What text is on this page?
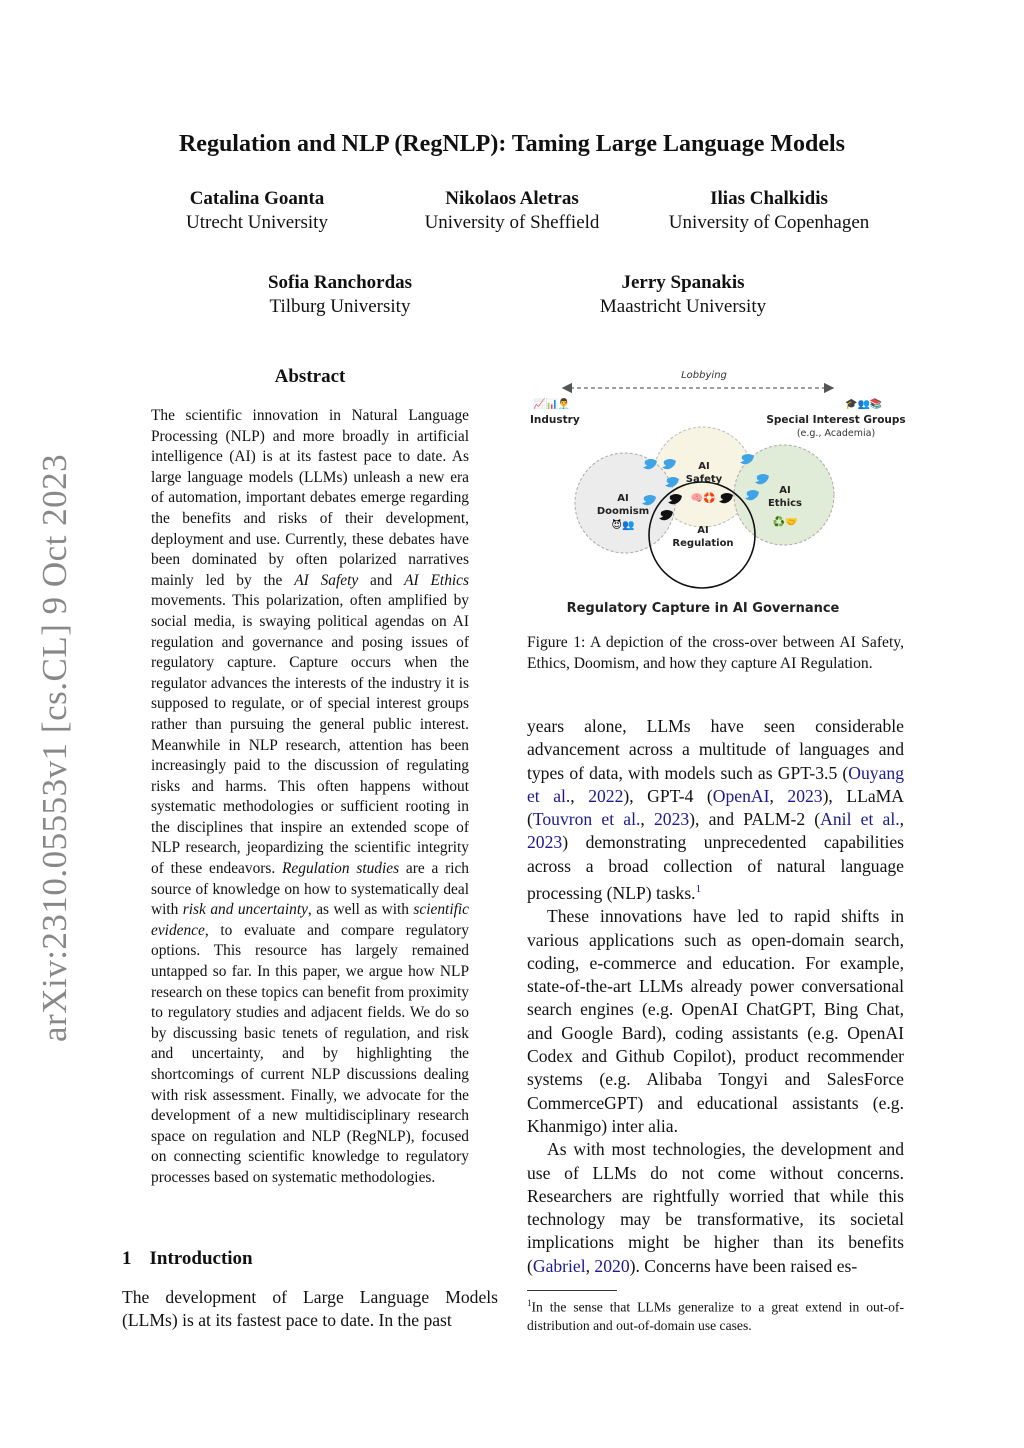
arXiv:2310.05553v1 [cs.CL] 9 Oct 2023
Regulation and NLP (RegNLP): Taming Large Language Models
Catalina Goanta
Utrecht University
Nikolaos Aletras
University of Sheffield
Ilias Chalkidis
University of Copenhagen
Sofia Ranchordas
Tilburg University
Jerry Spanakis
Maastricht University
Abstract
The scientific innovation in Natural Language Processing (NLP) and more broadly in artificial intelligence (AI) is at its fastest pace to date. As large language models (LLMs) unleash a new era of automation, important debates emerge regarding the benefits and risks of their development, deployment and use. Currently, these debates have been dominated by often polarized narratives mainly led by the AI Safety and AI Ethics movements. This polarization, often amplified by social media, is swaying political agendas on AI regulation and governance and posing issues of regulatory capture. Capture occurs when the regulator advances the interests of the industry it is supposed to regulate, or of special interest groups rather than pursuing the general public interest. Meanwhile in NLP research, attention has been increasingly paid to the discussion of regulating risks and harms. This often happens without systematic methodologies or sufficient rooting in the disciplines that inspire an extended scope of NLP research, jeopardizing the scientific integrity of these endeavors. Regulation studies are a rich source of knowledge on how to systematically deal with risk and uncertainty, as well as with scientific evidence, to evaluate and compare regulatory options. This resource has largely remained untapped so far. In this paper, we argue how NLP research on these topics can benefit from proximity to regulatory studies and adjacent fields. We do so by discussing basic tenets of regulation, and risk and uncertainty, and by highlighting the shortcomings of current NLP discussions dealing with risk assessment. Finally, we advocate for the development of a new multidisciplinary research space on regulation and NLP (RegNLP), focused on connecting scientific knowledge to regulatory processes based on systematic methodologies.
1 Introduction
The development of Large Language Models (LLMs) is at its fastest pace to date. In the past
Lobbying
📈📊👨‍💼
Industry
🎓👥📚
Special Interest Groups
(e.g., Academia)
AI
Safety
AI
Doomism
AI
Ethics
AI
Regulation
😈👥
🧠🛟
♻️🤝
Regulatory Capture in AI Governance
Figure 1: A depiction of the cross-over between AI Safety, Ethics, Doomism, and how they capture AI Regulation.

years alone, LLMs have seen considerable advancement across a multitude of languages and types of data, with models such as GPT-3.5 (Ouyang et al., 2022), GPT-4 (OpenAI, 2023), LLaMA (Touvron et al., 2023), and PALM-2 (Anil et al., 2023) demonstrating unprecedented capabilities across a broad collection of natural language processing (NLP) tasks.$^1$

These innovations have led to rapid shifts in various applications such as open-domain search, coding, e-commerce and education. For example, state-of-the-art LLMs already power conversational search engines (e.g. OpenAI ChatGPT, Bing Chat, and Google Bard), coding assistants (e.g. OpenAI Codex and Github Copilot), product recommender systems (e.g. Alibaba Tongyi and SalesForce CommerceGPT) and educational assistants (e.g. Khanmigo) inter alia.

As with most technologies, the development and use of LLMs do not come without concerns. Researchers are rightfully worried that while this technology may be transformative, its societal implications might be higher than its benefits (Gabriel, 2020). Concerns have been raised es-

$^1$In the sense that LLMs generalize to a great extend in out-of-distribution and out-of-domain use cases.
